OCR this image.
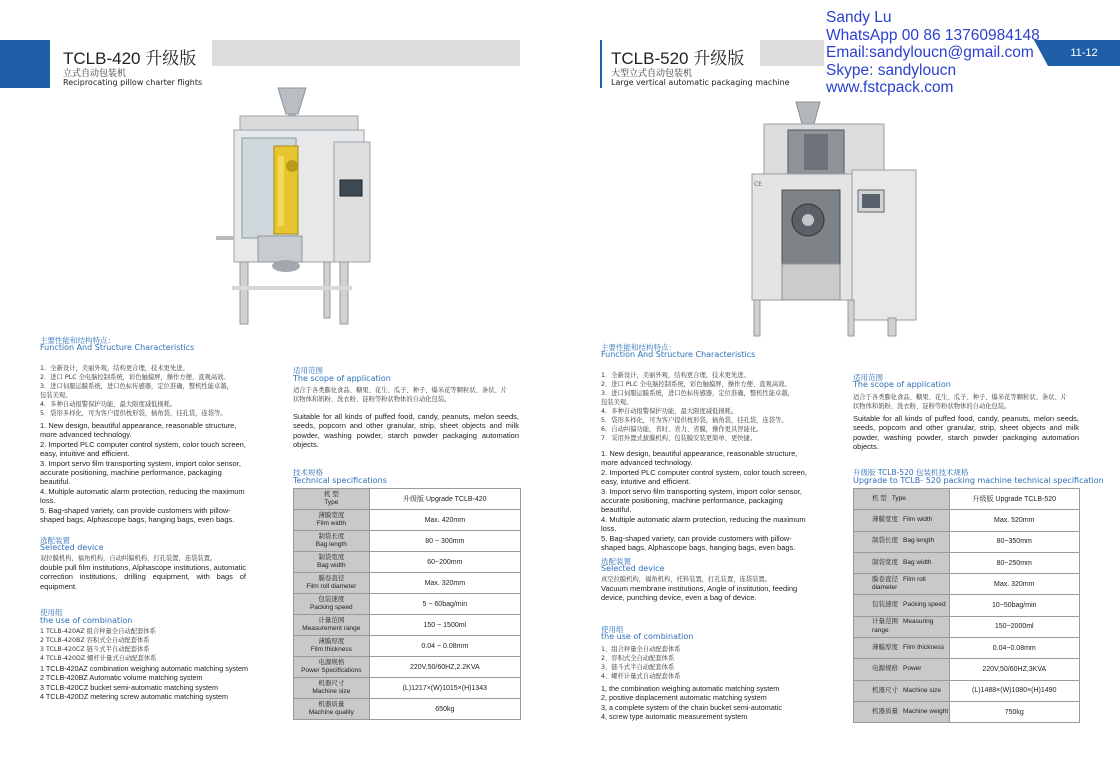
TCLB-420 升级版
立式自动包装机
Reciprocating pillow charter flights
主要性能和结构特点：
Function And Structure Characteristics
1．全新设计，美丽外观，结构更合理，技术更先进。
2．进口 PLC 全电脑控制系统，彩色触摸屏，操作方便、直观高效。
3．进口伺服运膜系统，进口色标传感器，定位准确，整机性能卓越，
包装美观。
4．多种自动报警保护功能，最大限度减低损耗。
5．袋形多样化，可为客户提供枕形袋，插角袋，挂孔袋，连袋等。
1. New design, beautiful appearance, reasonable structure, more advanced technology.
2. Imported PLC computer control system, color touch screen, easy, intuitive and efficient.
3. Import servo film transporting system, import color sensor, accurate positioning, machine performance, packaging beautiful.
4. Multiple automatic alarm protection, reducing the maximum loss.
5. Bag-shaped variety, can provide customers with pillow-shaped bags, Alphascope bags, hanging bags, even bags.
选配装置
Selected device
双拉膜机构，福角机构，自动纠偏机构，打孔装置，连袋装置。
double pull film institutions, Alphascope institutions, automatic correction institutions, drilling equipment, with bags of equipment.
使用组
the use of combination
1 TCLB-420AZ 组合秤量全自动配套体系
2 TCLB-420BZ 容积式全自动配套体系
3 TCLB-420CZ 链斗式半自动配套体系
4 TCLB-420DZ 螺杆计量式自动配套体系
1 TCLB-420AZ combination weighing automatic matching system
2 TCLB-420BZ Automatic volume matching system
3 TCLB-420CZ bucket semi-automatic matching system
4 TCLB-420DZ metering screw automatic matching system
适用范围
The scope of application
适合于各类膨化食品、糖果、花生、瓜子、种子、爆米花等颗粒状、条状、片
状物体和奶粉、洗衣粉、淀粉等粉状物体的自动化包装。
Suitable for all kinds of puffed food, candy, peanuts, melon seeds, seeds, popcorn and other granular, strip, sheet objects and milk powder, washing powder, starch powder packaging automation objects.
技术规格
Technical specifications
机 型
Type	升级版 Upgrade TCLB-420

薄膜宽度
Film width	Max. 420mm

制袋长度
Bag length	80 ~ 300mm

制袋宽度
Bag width	60~200mm

膜卷直径
Film roll diameter	Max. 320mm

包装速度
Packing speed	5 ~ 60bag/min

计量范围
Measurement range	150 ~ 1500ml

薄膜厚度
Film thickness	0.04 ~ 0.08mm

电源规格
Power Specifications	220V,50/60HZ,2.2KVA

机器尺寸
Machine size	(L)1217×(W)1015×(H)1343

机器质量
Machine quality	650kg
TCLB-520 升级版
大型立式自动包装机
Large vertical automatic packaging machine
Sandy Lu
WhatsApp 00 86 13760984148
Email:sandyloucn@gmail.com
Skype: sandyloucn
www.fstcpack.com
11-12
CE
主要性能和结构特点：
Function And Structure Characteristics
1．全新设计，美丽外观，结构更合理，技术更先进。
2．进口 PLC 全电脑控制系统，彩色触摸屏，操作方便、直观高效。
3．进口伺服运膜系统，进口色标传感器，定位准确，整机性能卓越，
包装美观。
4．多种自动报警保护功能，最大限度减低损耗。
5．袋形多样化，可为客户提供枕形袋，插角袋，挂孔袋，连袋等。
6．自动纠偏功能，省时、省力、省膜，操作更具智能化。
7．采用外置式拔膜机构，包装膜安装更简单、更快捷。
1. New design, beautiful appearance, reasonable structure, more advanced technology.
2. Imported PLC computer control system, color touch screen, easy, intuitive and efficient.
3. Import servo film transporting system, import color sensor, accurate positioning, machine performance, packaging beautiful.
4. Multiple automatic alarm protection, reducing the maximum loss.
5. Bag-shaped variety, can provide customers with pillow-shaped bags, Alphascope bags, hanging bags, even bags.
选配装置
Selected device
真空拉膜机构，福角机构，托料装置，打孔装置，连袋装置。
Vacuum membrane institutions, Angle of institution, feeding device, punching device, even a bag of device.
使用组
the use of combination
1、组合秤量全自动配套体系
2、容积式全自动配套体系
3、链斗式半自动配套体系
4、螺杆计量式自动配套体系
1, the combination weighing automatic matching system
2, positive displacement automatic matching system
3, a complete system of the chain bucket semi-automatic
4, screw type automatic measurement system
适用范围
The scope of application
适合于各类膨化食品、糖果、花生、瓜子、种子、爆米花等颗粒状、条状、片
状物体和奶粉、洗衣粉、淀粉等粉状物体的自动化包装。
Suitable for all kinds of puffed food, candy, peanuts, melon seeds, seeds, popcorn and other granular, strip, sheet objects and milk powder, washing powder, starch powder packaging automation objects.
升级版 TCLB-520 包装机技术规格
Upgrade to TCLB- 520 packing machine technical specification
机 型 Type	升级版 Upgrade TCLB-520
薄膜宽度 Film width	Max. 520mm
制袋长度 Bag length	80~350mm
制袋宽度 Bag width	80~250mm
膜卷直径 Film roll diameter	Max. 320mm
包装速度 Packing speed	10~50bag/min
计量范围 Measuring range	150~2000ml
薄膜厚度 Film thickness	0.04~0.08mm
电源规格 Power	220V,50/60HZ,3KVA
机器尺寸 Machine size	(L)1488×(W)1080×(H)1490
机器质量 Machine weight	750kg
